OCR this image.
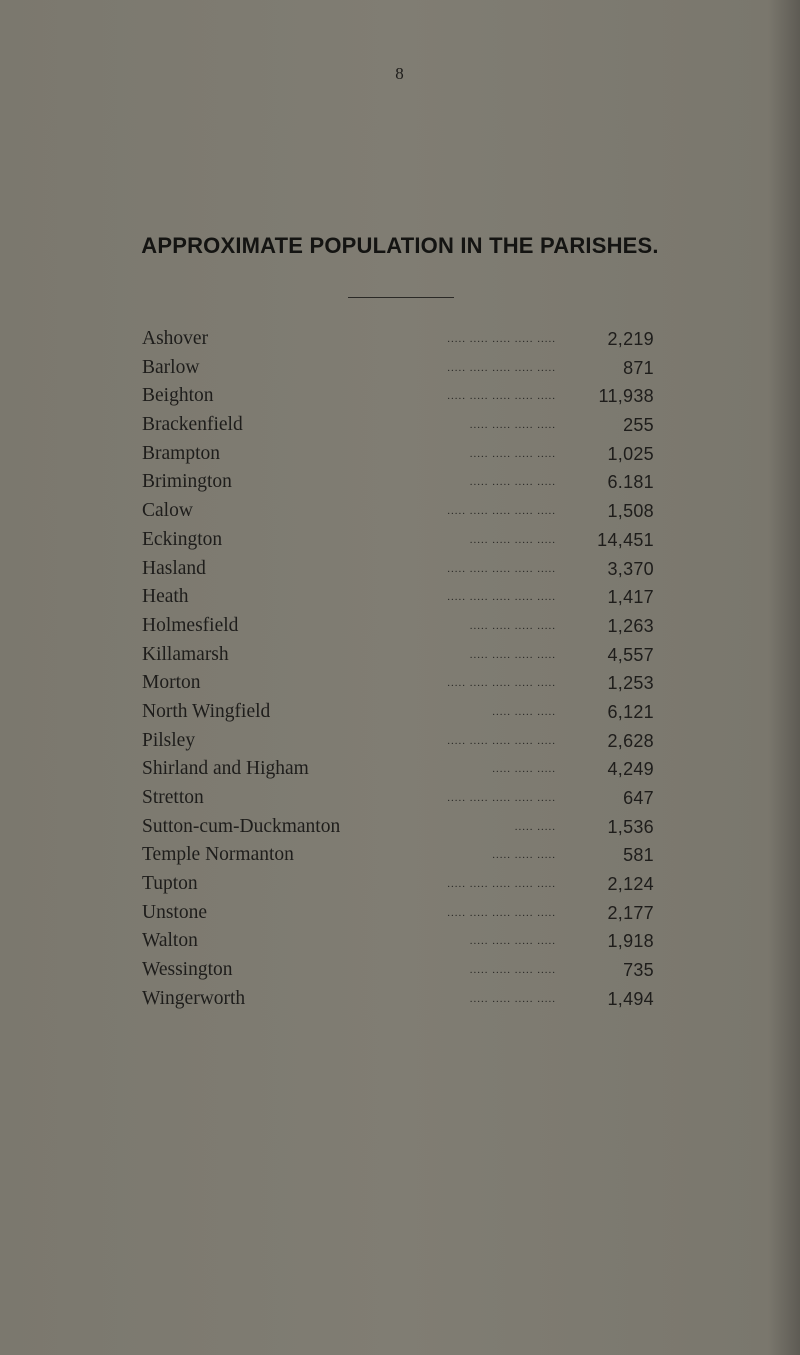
8
APPROXIMATE POPULATION IN THE PARISHES.
Ashover	..... ..... ..... ..... .....	2,219
Barlow	..... ..... ..... ..... .....	871
Beighton	..... ..... ..... ..... ..... 11,938
Brackenfield	..... ..... ..... .....	255
Brampton	..... ..... ..... .....	1,025
Brimington	..... ..... ..... .....	6.181
Calow	..... ..... ..... ..... .....	1,508
Eckington	..... ..... ..... ..... 14,451
Hasland	..... ..... ..... ..... .....	3,370
Heath	..... ..... ..... ..... .....	1,417
Holmesfield	..... ..... ..... .....	1,263
Killamarsh	..... ..... ..... .....	4,557
Morton	..... ..... ..... ..... .....	1,253
North Wingfield	..... ..... .....	6,121
Pilsley	..... ..... ..... ..... .....	2,628
Shirland and Higham	..... ..... .....	4,249
Stretton	..... ..... ..... ..... .....	647
Sutton-cum-Duckmanton	..... .....	1,536
Temple Normanton	..... ..... .....	581
Tupton	..... ..... ..... ..... .....	2,124
Unstone	..... ..... ..... ..... .....	2,177
Walton	..... ..... ..... .....	1,918
Wessington	..... ..... ..... .....	735
Wingerworth	..... ..... ..... .....	1,494
